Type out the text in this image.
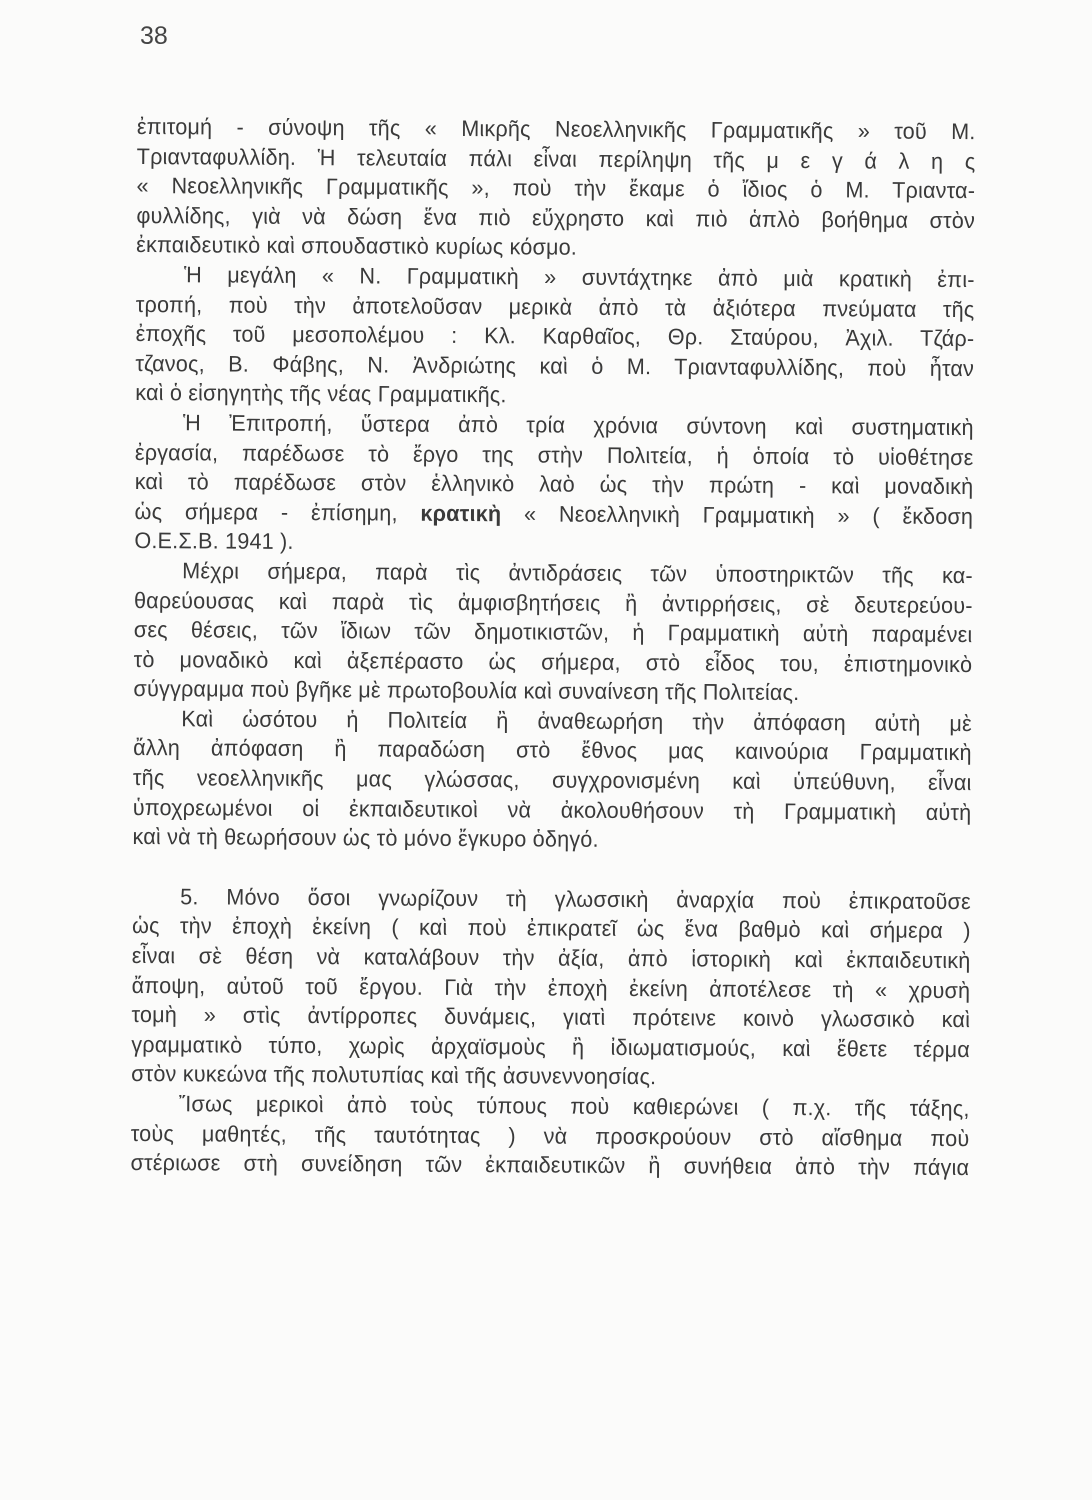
38
ἐπιτομή - σύνοψη τῆς « Μικρῆς Νεοελληνικῆς Γραμματικῆς » τοῦ Μ.
Τριανταφυλλίδη. Ἡ τελευταία πάλι εἶναι περίληψη τῆς μ ε γ ά λ η ς
« Νεοελληνικῆς Γραμματικῆς », ποὺ τὴν ἔκαμε ὁ ἴδιος ὁ Μ. Τριαντα-
φυλλίδης, γιὰ νὰ δώση ἕνα πιὸ εὔχρηστο καὶ πιὸ ἁπλὸ βοήθημα στὸν
ἐκπαιδευτικὸ καὶ σπουδαστικὸ κυρίως κόσμο.
Ἡ μεγάλη « Ν. Γραμματικὴ » συντάχτηκε ἀπὸ μιὰ κρατικὴ ἐπι-
τροπή, ποὺ τὴν ἀποτελοῦσαν μερικὰ ἀπὸ τὰ ἀξιότερα πνεύματα τῆς
ἐποχῆς τοῦ μεσοπολέμου : Κλ. Καρθαῖος, Θρ. Σταύρου, Ἀχιλ. Τζάρ-
τζανος, Β. Φάβης, Ν. Ἀνδριώτης καὶ ὁ Μ. Τριανταφυλλίδης, ποὺ ἦταν
καὶ ὁ εἰσηγητὴς τῆς νέας Γραμματικῆς.
Ἡ Ἐπιτροπή, ὕστερα ἀπὸ τρία χρόνια σύντονη καὶ συστηματικὴ
ἐργασία, παρέδωσε τὸ ἔργο της στὴν Πολιτεία, ἡ ὁποία τὸ υἱοθέτησε
καὶ τὸ παρέδωσε στὸν ἑλληνικὸ λαὸ ὡς τὴν πρώτη - καὶ μοναδικὴ
ὡς σήμερα - ἐπίσημη, κρατικὴ « Νεοελληνικὴ Γραμματικὴ » ( ἔκδοση
Ο.Ε.Σ.Β. 1941 ).
Μέχρι σήμερα, παρὰ τὶς ἀντιδράσεις τῶν ὑποστηρικτῶν τῆς κα-
θαρεύουσας καὶ παρὰ τὶς ἀμφισβητήσεις ἢ ἀντιρρήσεις, σὲ δευτερεύου-
σες θέσεις, τῶν ἴδιων τῶν δημοτικιστῶν, ἡ Γραμματικὴ αὐτὴ παραμένει
τὸ μοναδικὸ καὶ ἀξεπέραστο ὡς σήμερα, στὸ εἶδος του, ἐπιστημονικὸ
σύγγραμμα ποὺ βγῆκε μὲ πρωτοβουλία καὶ συναίνεση τῆς Πολιτείας.
Καὶ ὡσότου ἡ Πολιτεία ἢ ἀναθεωρήση τὴν ἀπόφαση αὐτὴ μὲ
ἄλλη ἀπόφαση ἢ παραδώση στὸ ἔθνος μας καινούρια Γραμματικὴ
τῆς νεοελληνικῆς μας γλώσσας, συγχρονισμένη καὶ ὑπεύθυνη, εἶναι
ὑποχρεωμένοι οἱ ἐκπαιδευτικοὶ νὰ ἀκολουθήσουν τὴ Γραμματικὴ αὐτὴ
καὶ νὰ τὴ θεωρήσουν ὡς τὸ μόνο ἔγκυρο ὁδηγό.
5. Μόνο ὅσοι γνωρίζουν τὴ γλωσσικὴ ἀναρχία ποὺ ἐπικρατοῦσε
ὡς τὴν ἐποχὴ ἐκείνη ( καὶ ποὺ ἐπικρατεῖ ὡς ἕνα βαθμὸ καὶ σήμερα )
εἶναι σὲ θέση νὰ καταλάβουν τὴν ἀξία, ἀπὸ ἱστορικὴ καὶ ἐκπαιδευτικὴ
ἄποψη, αὐτοῦ τοῦ ἔργου. Γιὰ τὴν ἐποχὴ ἐκείνη ἀποτέλεσε τὴ « χρυσὴ
τομὴ » στὶς ἀντίρροπες δυνάμεις, γιατὶ πρότεινε κοινὸ γλωσσικὸ καὶ
γραμματικὸ τύπο, χωρὶς ἀρχαϊσμοὺς ἢ ἰδιωματισμούς, καὶ ἔθετε τέρμα
στὸν κυκεώνα τῆς πολυτυπίας καὶ τῆς ἀσυνεννοησίας.
Ἴσως μερικοὶ ἀπὸ τοὺς τύπους ποὺ καθιερώνει ( π.χ. τῆς τάξης,
τοὺς μαθητές, τῆς ταυτότητας ) νὰ προσκρούουν στὸ αἴσθημα ποὺ
στέριωσε στὴ συνείδηση τῶν ἐκπαιδευτικῶν ἢ συνήθεια ἀπὸ τὴν πάγια
